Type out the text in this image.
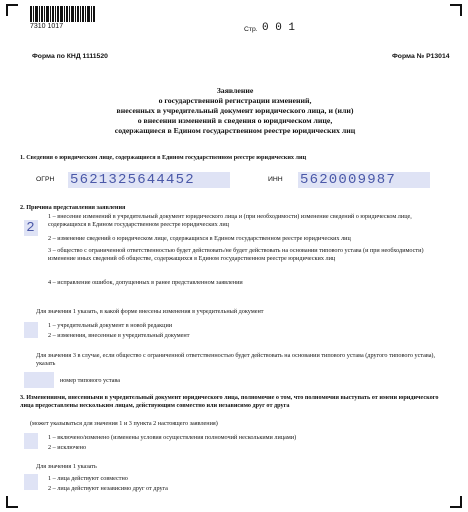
7310 1017	Стр. 0 0 1
Форма по КНД 1111520	Форма № Р13014
Заявление
о государственной регистрации изменений,
внесенных в учредительный документ юридического лица, и (или)
о внесении изменений в сведения о юридическом лице,
содержащиеся в Едином государственном реестре юридических лиц
1. Сведения о юридическом лице, содержащиеся в Едином государственном реестре юридических лиц
ОГРН 5621325644452	ИНН 5620009987
2. Причина представления заявления
2
1 – внесение изменений в учредительный документ юридического лица и (при необходимости) изменение сведений о юридическом лице, содержащихся в Едином государственном реестре юридических лиц
2 – изменение сведений о юридическом лице, содержащихся в Едином государственном реестре юридических лиц
3 – общество с ограниченной ответственностью будет действовать/не будет действовать на основании типового устава (и при необходимости) изменение иных сведений об обществе, содержащихся в Едином государственном реестре юридических лиц
4 – исправление ошибок, допущенных в ранее представленном заявлении
Для значения 1 указать, в какой форме внесены изменения в учредительный документ
1 – учредительный документ в новой редакции
2 – изменения, внесенные в учредительный документ
Для значения 3 в случае, если общество с ограниченной ответственностью будет действовать на основании типового устава (другого типового устава), указать
номер типового устава
3. Изменениями, внесенными в учредительный документ юридического лица, полномочие о том, что полномочия выступать от имени юридического лица предоставлены нескольким лицам, действующим совместно или независимо друг от друга
(может указываться для значения 1 и 3 пункта 2 настоящего заявления)
1 – включено/изменено (изменены условия осуществления полномочий несколькими лицами)
2 – исключено
Для значения 1 указать
1 – лица действуют совместно
2 – лица действуют независимо друг от друга
